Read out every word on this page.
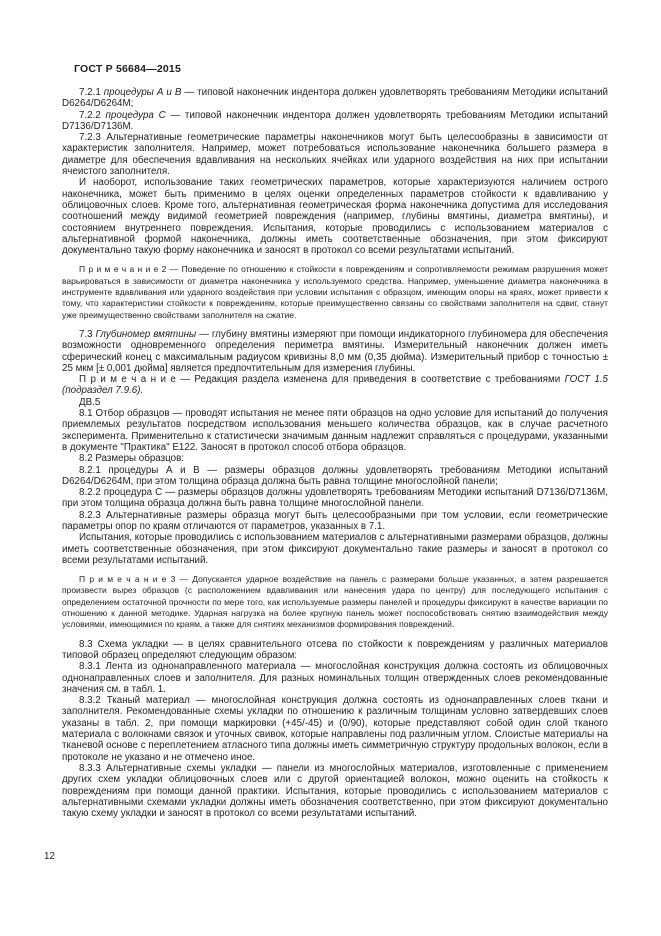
ГОСТ Р 56684—2015

7.2.1 процедуры А и В — типовой наконечник индентора должен удовлетворять требованиям Методики испытаний D6264/D6264M;

7.2.2 процедура С — типовой наконечник индентора должен удовлетворять требованиям Методики испытаний D7136/D7136M.

7.2.3 Альтернативные геометрические параметры наконечников могут быть целесообразны в зависимости от характеристик заполнителя. Например, может потребоваться использование наконечника большего размера в диаметре для обеспечения вдавливания на нескольких ячейках или ударного воздействия на них при испытании ячеистого заполнителя.

И наоборот, использование таких геометрических параметров, которые характеризуются наличием острого наконечника, может быть применимо в целях оценки определенных параметров стойкости к вдавливанию у облицовочных слоев. Кроме того, альтернативная геометрическая форма наконечника допустима для исследования соотношений между видимой геометрией повреждения (например, глубины вмятины, диаметра вмятины), и состоянием внутреннего повреждения. Испытания, которые проводились с использованием материалов с альтернативной формой наконечника, должны иметь соответственные обозначения, при этом фиксируют документально такую форму наконечника и заносят в протокол со всеми результатами испытаний.

П р и м е ч а н и е 2 — Поведение по отношению к стойкости к повреждениям и сопротивляемости режимам разрушения может варьироваться в зависимости от диаметра наконечника у используемого средства. Например, уменьшение диаметра наконечника в инструменте вдавливания или ударного воздействия при условии испытания с образцом, имеющим опоры на краях, может привести к тому, что характеристики стойкости к повреждениям, которые преимущественно связаны со свойствами заполнителя на сдвиг, станут уже преимущественно свойствами заполнителя на сжатие.

7.3 Глубиномер вмятины — глубину вмятины измеряют при помощи индикаторного глубиномера для обеспечения возможности одновременного определения периметра вмятины. Измерительный наконечник должен иметь сферический конец с максимальным радиусом кривизны 8,0 мм (0,35 дюйма). Измерительный прибор с точностью ± 25 мкм [± 0,001 дюйма] является предпочтительным для измерения глубины.

П р и м е ч а н и е — Редакция раздела изменена для приведения в соответствие с требованиями ГОСТ 1.5 (подраздел 7.9.6).

ДВ.5

8.1 Отбор образцов — проводят испытания не менее пяти образцов на одно условие для испытаний до получения приемлемых результатов посредством использования меньшего количества образцов, как в случае расчетного эксперимента. Применительно к статистически значимым данным надлежит справляться с процедурами, указанными в документе "Практика" Е122. Заносят в протокол способ отбора образцов.

8.2 Размеры образцов:

8.2.1 процедуры А и В — размеры образцов должны удовлетворять требованиям Методики испытаний D6264/D6264M, при этом толщина образца должна быть равна толщине многослойной панели;

8.2.2 процедура С — размеры образцов должны удовлетворять требованиям Методики испытаний D7136/D7136M, при этом толщина образца должна быть равна толщине многослойной панели.

8.2.3 Альтернативные размеры образца могут быть целесообразными при том условии, если геометрические параметры опор по краям отличаются от параметров, указанных в 7.1.

Испытания, которые проводились с использованием материалов с альтернативными размерами образцов, должны иметь соответственные обозначения, при этом фиксируют документально такие размеры и заносят в протокол со всеми результатами испытаний.

П р и м е ч а н и е 3 — Допускается ударное воздействие на панель с размерами больше указанных, а затем разрешается произвести вырез образцов (с расположением вдавливания или нанесения удара по центру) для последующего испытания с определением остаточной прочности по мере того, как используемые размеры панелей и процедуры фиксируют в качестве вариации по отношению к данной методике. Ударная нагрузка на более крупную панель может поспособствовать снятию взаимодействия между условиями, имеющимися по краям, а также для снятиях механизмов формирования повреждений.

8.3 Схема укладки — в целях сравнительного отсева по стойкости к повреждениям у различных материалов типовой образец определяют следующим образом:

8.3.1 Лента из однонаправленного материала — многослойная конструкция должна состоять из облицовочных однонаправленных слоев и заполнителя. Для разных номинальных толщин отвержденных слоев рекомендованные значения см. в табл. 1.

8.3.2 Тканый материал — многослойная конструкция должна состоять из однонаправленных слоев ткани и заполнителя. Рекомендованные схемы укладки по отношению к различным толщинам условно затвердевших слоев указаны в табл. 2, при помощи маркировки (+45/-45) и (0/90), которые представляют собой один слой тканого материала с волокнами связок и уточных свивок, которые направлены под различным углом. Слоистые материалы на тканевой основе с переплетением атласного типа должны иметь симметричную структуру продольных волокон, если в протоколе не указано и не отмечено иное.

8.3.3 Альтернативные схемы укладки — панели из многослойных материалов, изготовленные с применением других схем укладки облицовочных слоев или с другой ориентацией волокон, можно оценить на стойкость к повреждениям при помощи данной практики. Испытания, которые проводились с использованием материалов с альтернативными схемами укладки должны иметь обозначения соответственно, при этом фиксируют документально такую схему укладки и заносят в протокол со всеми результатами испытаний.

12
